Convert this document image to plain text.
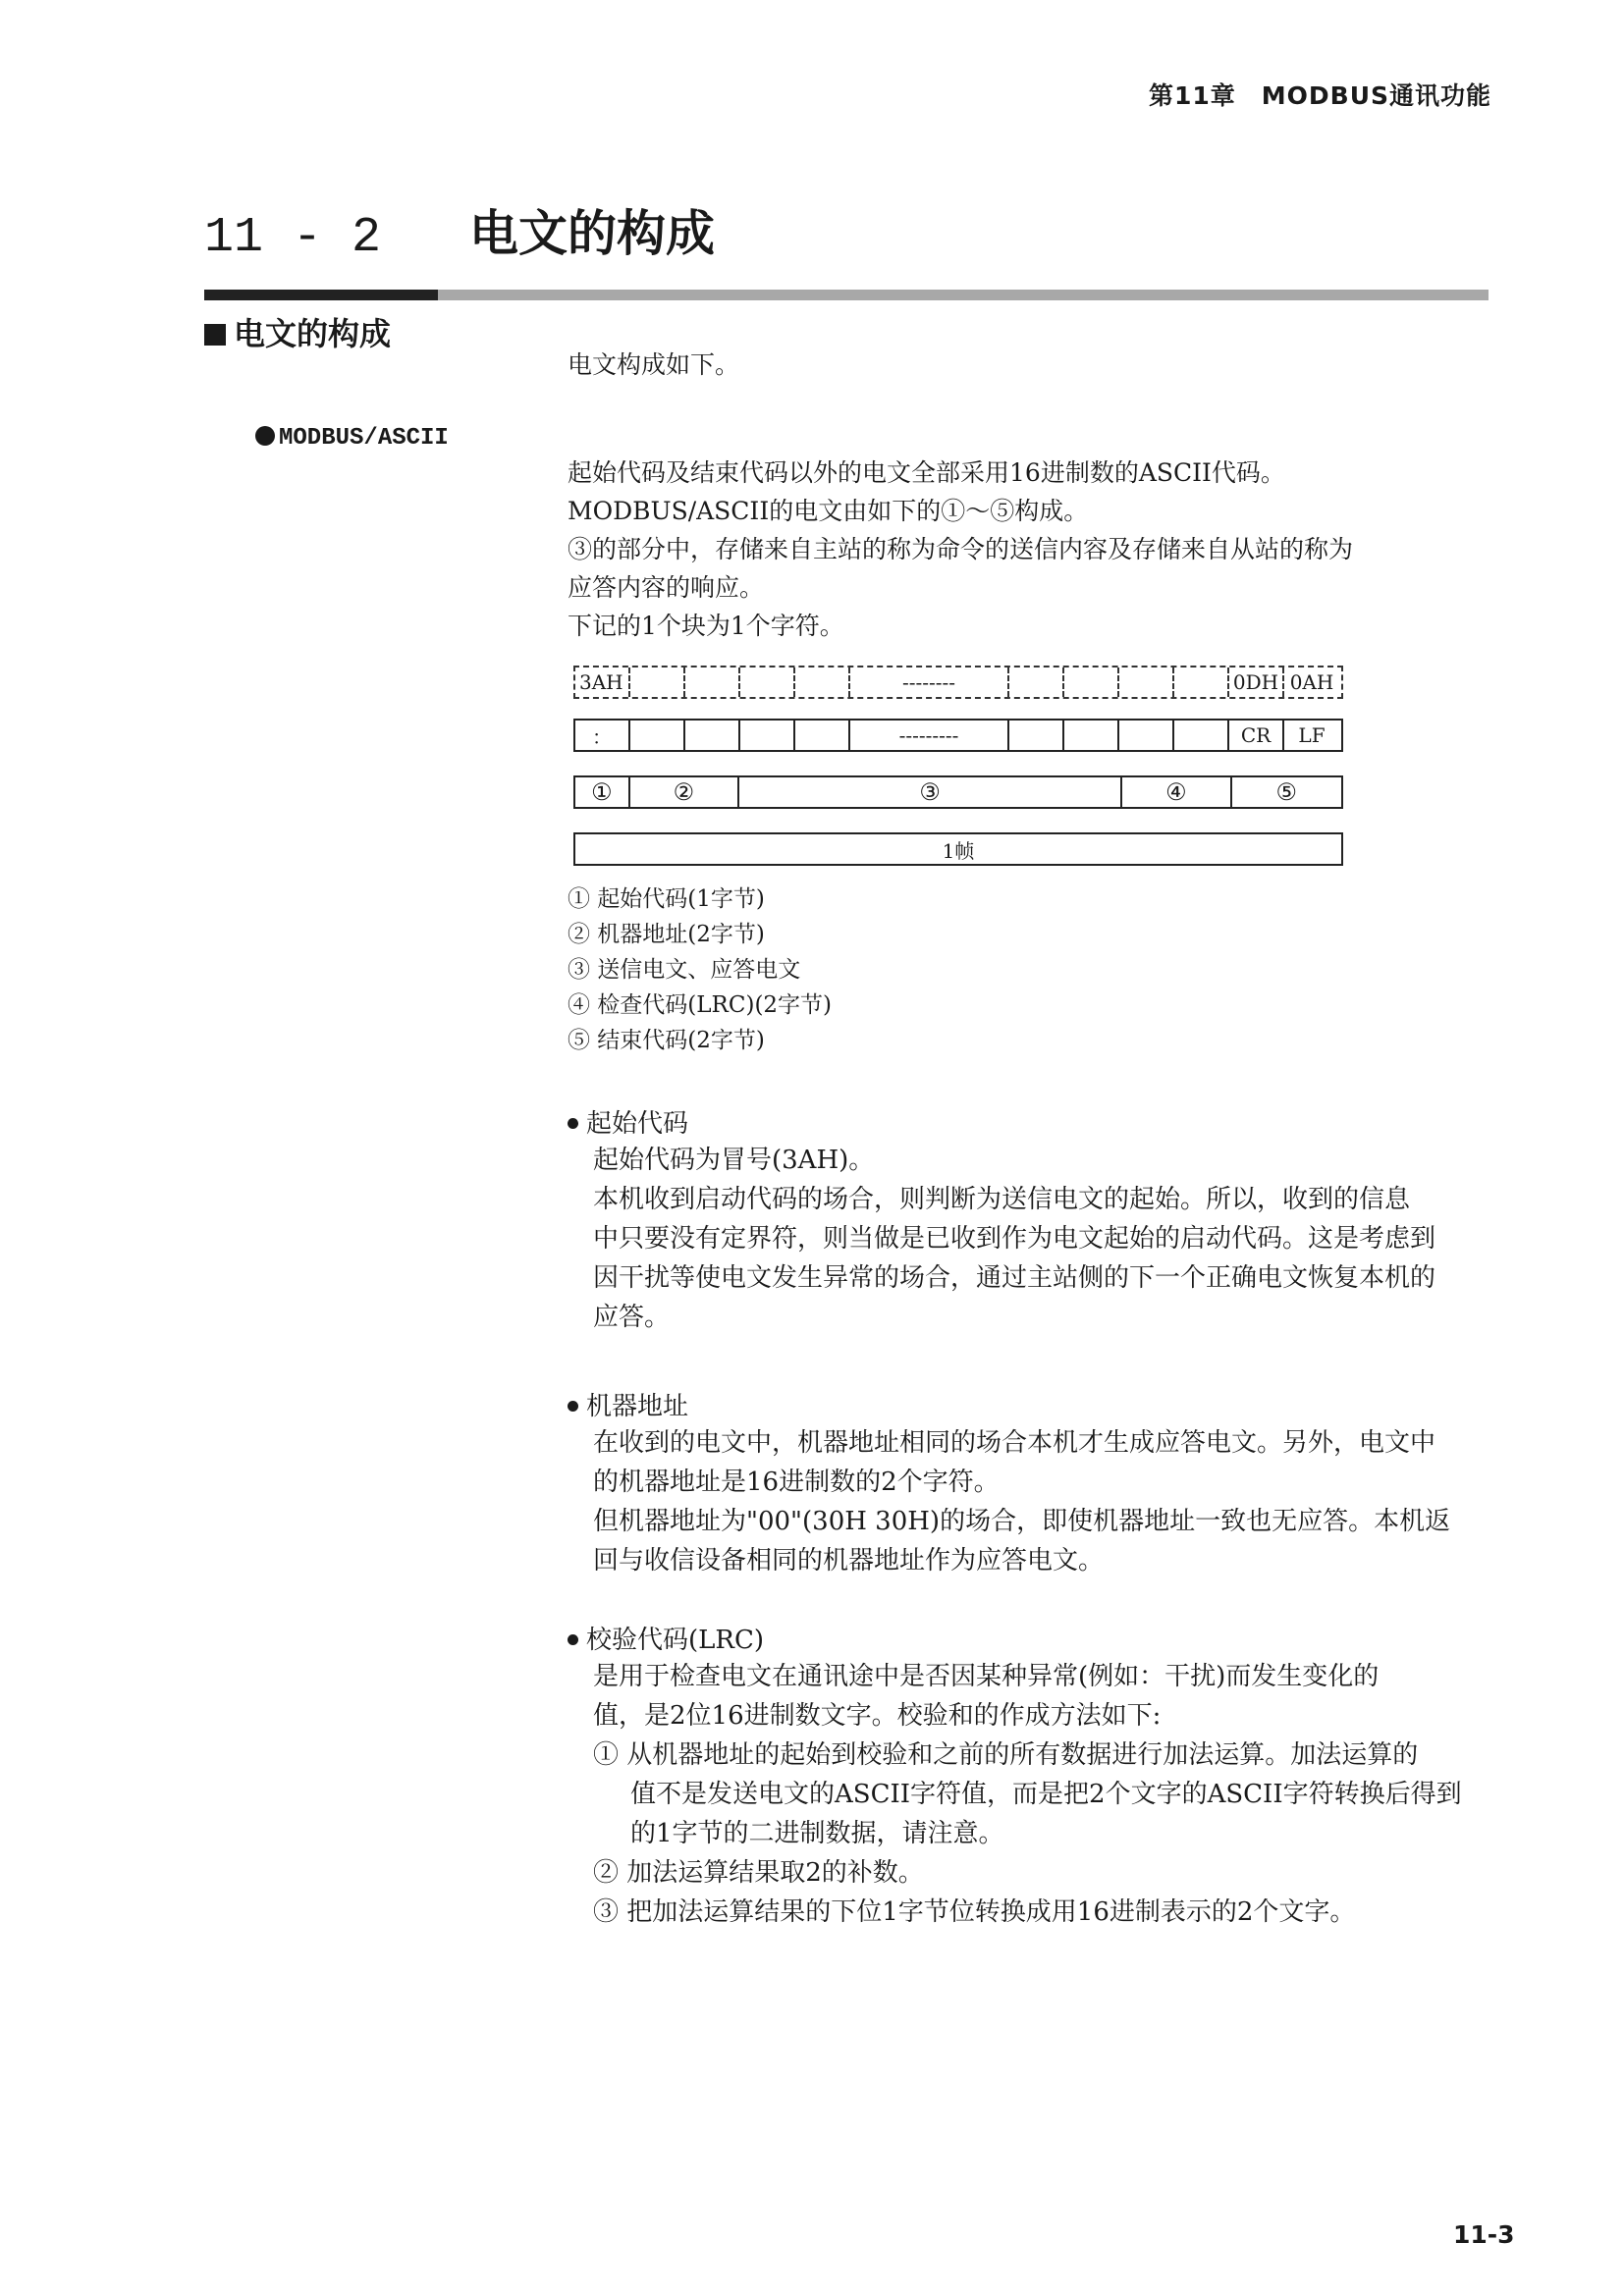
第11章　MODBUS通讯功能
11 - 2 电文的构成
电文的构成
电文构成如下。
MODBUS/ASCII
起始代码及结束代码以外的电文全部采用16进制数的ASCII代码。
MODBUS/ASCII的电文由如下的①～⑤构成。
③的部分中，存储来自主站的称为命令的送信内容及存储来自从站的称为
应答内容的响应。
下记的1个块为1个字符。
3AH	--------	0DH 0AH
：	---------	CR	LF
①	②	③	④	⑤
1帧
① 起始代码(1字节)
② 机器地址(2字节)
③ 送信电文、应答电文
④ 检查代码(LRC)(2字节)
⑤ 结束代码(2字节)
起始代码
起始代码为冒号(3AH)。
本机收到启动代码的场合，则判断为送信电文的起始。所以，收到的信息
中只要没有定界符，则当做是已收到作为电文起始的启动代码。这是考虑到
因干扰等使电文发生异常的场合，通过主站侧的下一个正确电文恢复本机的
应答。
机器地址
在收到的电文中，机器地址相同的场合本机才生成应答电文。另外，电文中
的机器地址是16进制数的2个字符。
但机器地址为"00"(30H 30H)的场合，即使机器地址一致也无应答。本机返
回与收信设备相同的机器地址作为应答电文。
校验代码(LRC)
是用于检查电文在通讯途中是否因某种异常(例如：干扰)而发生变化的
值，是2位16进制数文字。校验和的作成方法如下:
① 从机器地址的起始到校验和之前的所有数据进行加法运算。加法运算的
值不是发送电文的ASCII字符值，而是把2个文字的ASCII字符转换后得到
的1字节的二进制数据，请注意。
② 加法运算结果取2的补数。
③ 把加法运算结果的下位1字节位转换成用16进制表示的2个文字。
11-3
